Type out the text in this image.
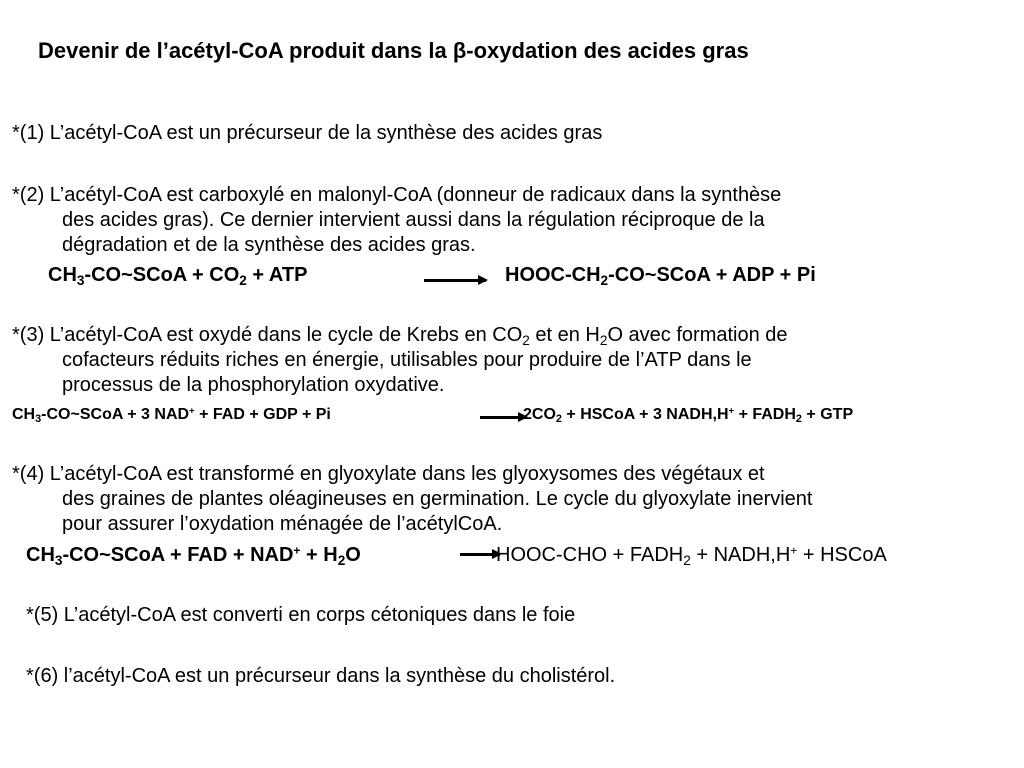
Devenir de l’acétyl-CoA produit dans la β-oxydation des acides gras
*(1) L’acétyl-CoA est un précurseur de la synthèse des acides gras
*(2) L’acétyl-CoA est carboxylé en malonyl-CoA (donneur de radicaux dans la synthèse
des acides gras). Ce dernier intervient aussi dans la régulation réciproque de la
dégradation et de la synthèse des acides gras.
$CH_3-CO\sim SCoA + CO_2$ + ATP	→ HOOC-$CH_2-CO\sim SCoA$ + ADP + Pi
*(3) L’acétyl-CoA est oxydé dans le cycle de Krebs en $CO_2$ et en $H_2O$ avec formation de
cofacteurs réduits riches en énergie, utilisables pour produire de l’ATP dans le
processus de la phosphorylation oxydative.
$CH_3-CO\sim SCoA + 3$ NAD+ + FAD + GDP + Pi	$2CO_2$ + HSCoA + 3 NADH,H+ + $FADH_2$ + GTP
*(4) L’acétyl-CoA est transformé en glyoxylate dans les glyoxysomes des végétaux et
des graines de plantes oléagineuses en germination. Le cycle du glyoxylate inervient
pour assurer l’oxydation ménagée de l’acétylCoA.
$CH_3-CO\sim SCoA$ + FAD + $NAD^+ + H_2O$	HOOC-CHO + $FADH_2$ + NADH,H+ + HSCoA
*(5) L’acétyl-CoA est converti en corps cétoniques dans le foie
*(6) l’acétyl-CoA est un précurseur dans la synthèse du cholistérol.
